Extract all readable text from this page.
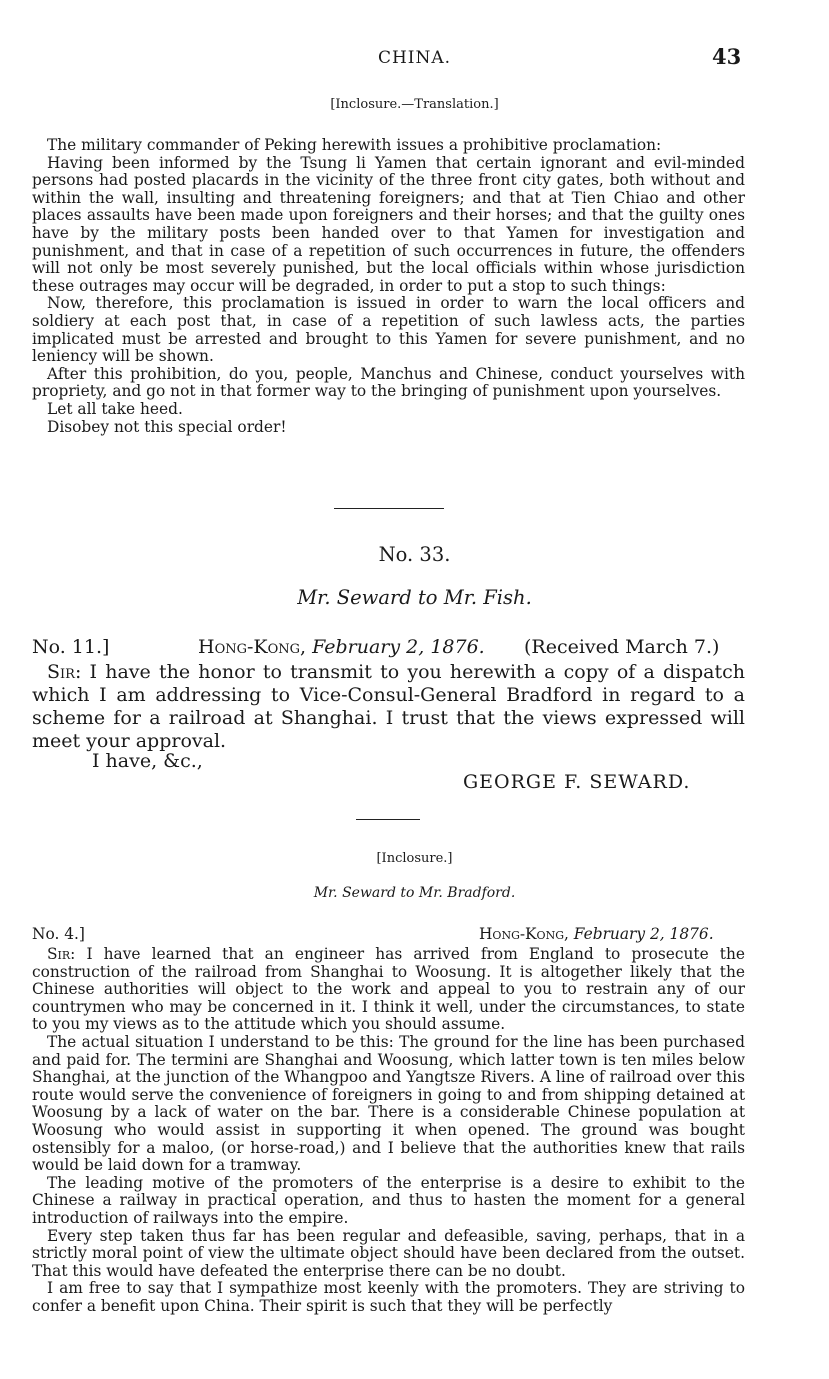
CHINA.	43
[Inclosure.—Translation.]

The military commander of Peking herewith issues a prohibitive proclamation:

Having been informed by the Tsung li Yamen that certain ignorant and evil-minded persons had posted placards in the vicinity of the three front city gates, both without and within the wall, insulting and threatening foreigners; and that at Tien Chiao and other places assaults have been made upon foreigners and their horses; and that the guilty ones have by the military posts been handed over to that Yamen for investigation and punishment, and that in case of a repetition of such occurrences in future, the offenders will not only be most severely punished, but the local officials within whose jurisdiction these outrages may occur will be degraded, in order to put a stop to such things:

Now, therefore, this proclamation is issued in order to warn the local officers and soldiery at each post that, in case of a repetition of such lawless acts, the parties implicated must be arrested and brought to this Yamen for severe punishment, and no leniency will be shown.

After this prohibition, do you, people, Manchus and Chinese, conduct yourselves with propriety, and go not in that former way to the bringing of punishment upon yourselves.

Let all take heed.

Disobey not this special order!

No. 33.
Mr. Seward to Mr. Fish.
No. 11.]	Hong-Kong, February 2, 1876. (Received March 7.)

Sir: I have the honor to transmit to you herewith a copy of a dispatch which I am addressing to Vice-Consul-General Bradford in regard to a scheme for a railroad at Shanghai. I trust that the views expressed will meet your approval.

I have, &c.,
GEORGE F. SEWARD.
[Inclosure.]
Mr. Seward to Mr. Bradford.
No. 4.]	Hong-Kong, February 2, 1876.

Sir: I have learned that an engineer has arrived from England to prosecute the construction of the railroad from Shanghai to Woosung. It is altogether likely that the Chinese authorities will object to the work and appeal to you to restrain any of our countrymen who may be concerned in it. I think it well, under the circumstances, to state to you my views as to the attitude which you should assume.

The actual situation I understand to be this: The ground for the line has been purchased and paid for. The termini are Shanghai and Woosung, which latter town is ten miles below Shanghai, at the junction of the Whangpoo and Yangtsze Rivers. A line of railroad over this route would serve the convenience of foreigners in going to and from shipping detained at Woosung by a lack of water on the bar. There is a considerable Chinese population at Woosung who would assist in supporting it when opened. The ground was bought ostensibly for a maloo, (or horse-road,) and I believe that the authorities knew that rails would be laid down for a tramway.

The leading motive of the promoters of the enterprise is a desire to exhibit to the Chinese a railway in practical operation, and thus to hasten the moment for a general introduction of railways into the empire.

Every step taken thus far has been regular and defeasible, saving, perhaps, that in a strictly moral point of view the ultimate object should have been declared from the outset. That this would have defeated the enterprise there can be no doubt.

I am free to say that I sympathize most keenly with the promoters. They are striving to confer a benefit upon China. Their spirit is such that they will be perfectly
